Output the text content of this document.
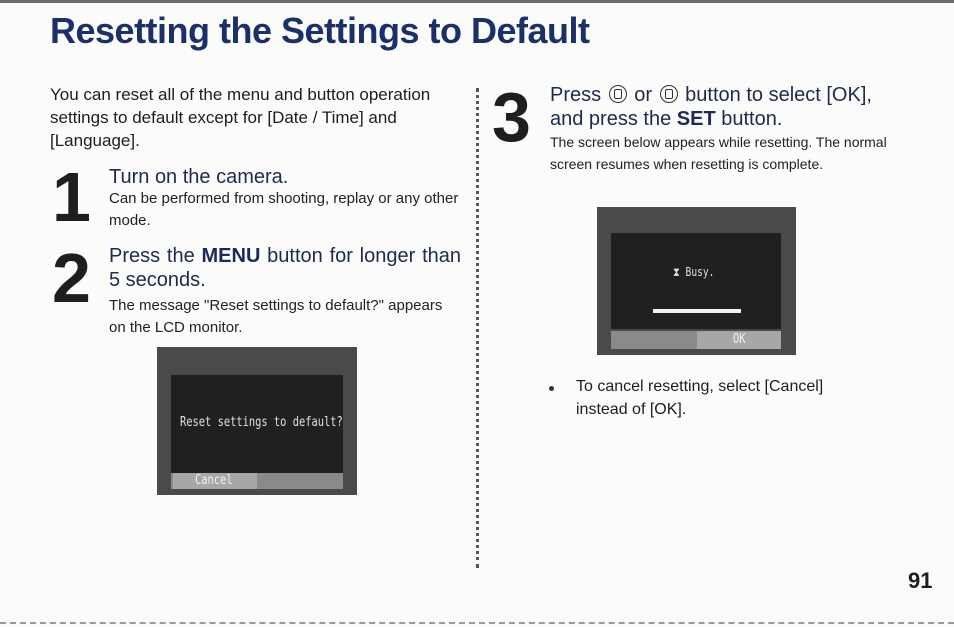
Resetting the Settings to Default
You can reset all of the menu and button operation settings to default except for [Date / Time] and [Language].
1 Turn on the camera.
Can be performed from shooting, replay or any other mode.
2 Press the MENU button for longer than 5 seconds.
The message "Reset settings to default?" appears on the LCD monitor.
Reset settings to default?
Cancel
3 Press or button to select [OK], and press the SET button.
The screen below appears while resetting. The normal screen resumes when resetting is complete.
⧗ Busy.
OK
To cancel resetting, select [Cancel] instead of [OK].
91
